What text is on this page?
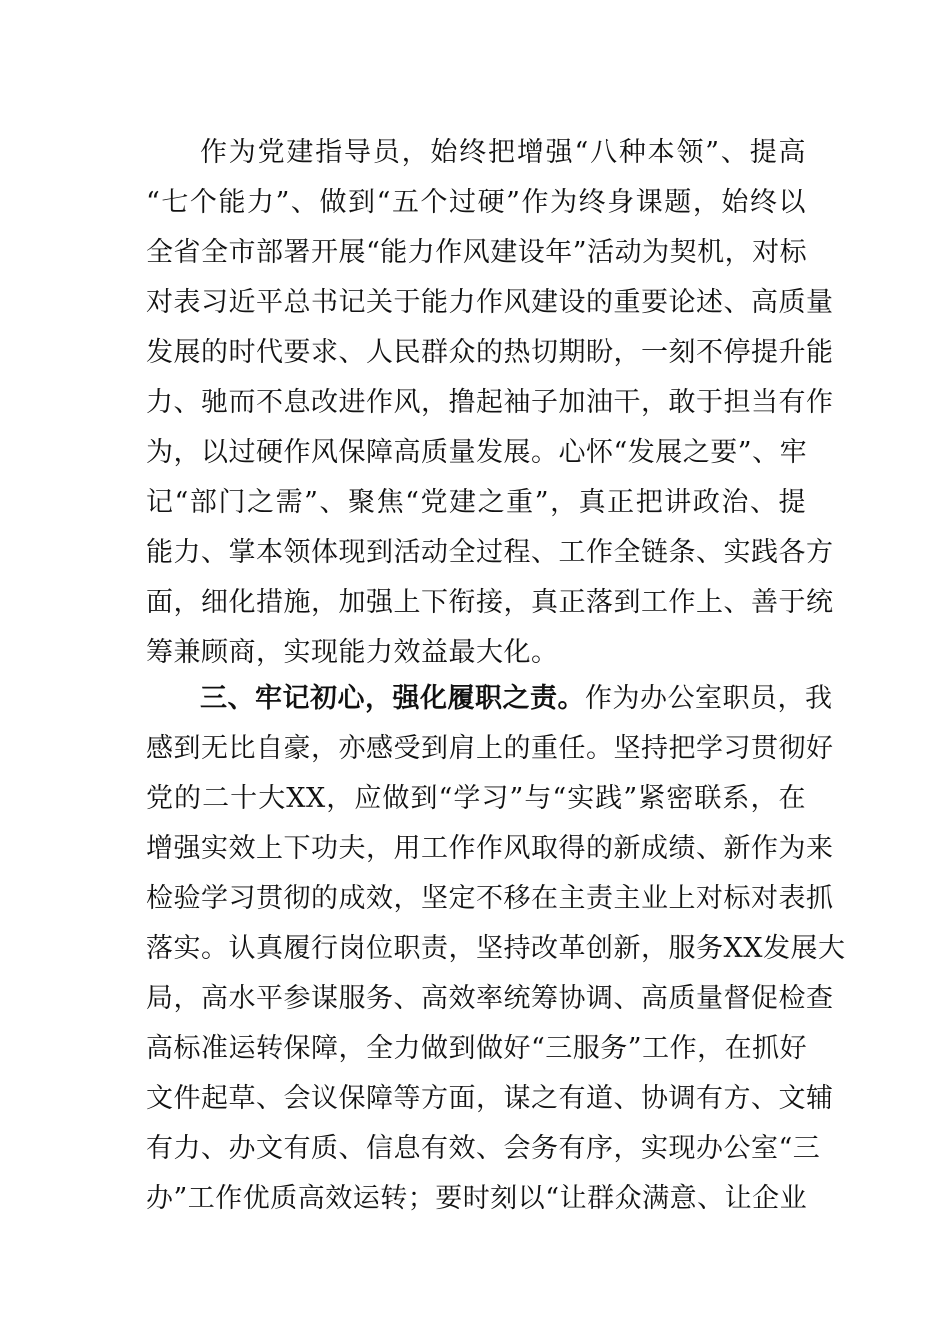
作为党建指导员，始终把增强“八种本领”、提高
“七个能力”、做到“五个过硬”作为终身课题，始终以
全省全市部署开展“能力作风建设年”活动为契机，对标
对表习近平总书记关于能力作风建设的重要论述、高质量
发展的时代要求、人民群众的热切期盼，一刻不停提升能
力、驰而不息改进作风，撸起袖子加油干，敢于担当有作
为，以过硬作风保障高质量发展。心怀“发展之要”、牢
记“部门之需”、聚焦“党建之重”，真正把讲政治、提
能力、掌本领体现到活动全过程、工作全链条、实践各方
面，细化措施，加强上下衔接，真正落到工作上、善于统
筹兼顾商，实现能力效益最大化。
三、牢记初心，强化履职之责。作为办公室职员，我
感到无比自豪，亦感受到肩上的重任。坚持把学习贯彻好
党的二十大XX，应做到“学习”与“实践”紧密联系，在
增强实效上下功夫，用工作作风取得的新成绩、新作为来
检验学习贯彻的成效，坚定不移在主责主业上对标对表抓
落实。认真履行岗位职责，坚持改革创新，服务XX发展大
局，高水平参谋服务、高效率统筹协调、高质量督促检查
高标准运转保障，全力做到做好“三服务”工作，在抓好
文件起草、会议保障等方面，谋之有道、协调有方、文辅
有力、办文有质、信息有效、会务有序，实现办公室“三
办”工作优质高效运转；要时刻以“让群众满意、让企业
